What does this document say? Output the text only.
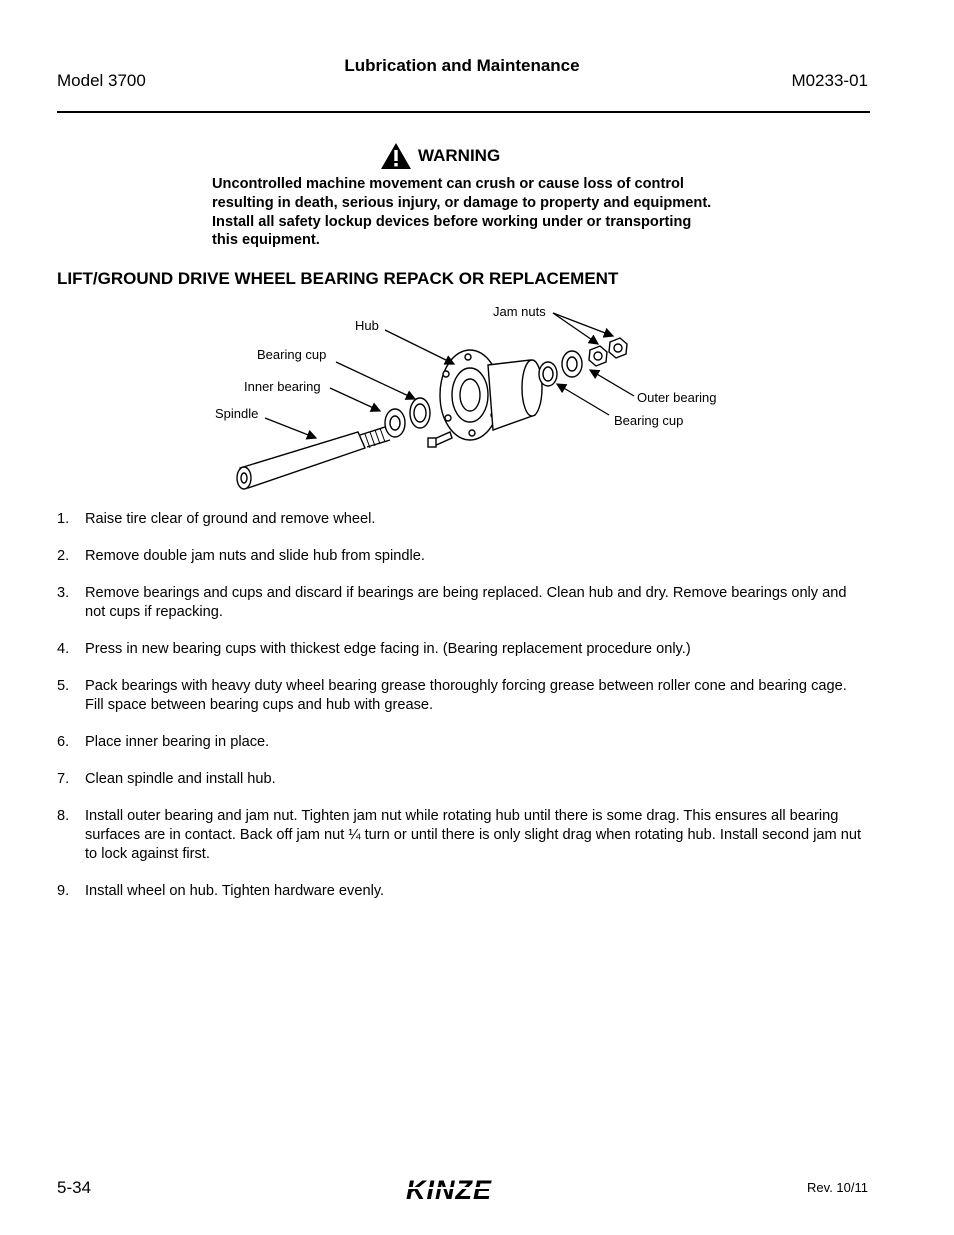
Model 3700
Lubrication and Maintenance
M0233-01
WARNING
Uncontrolled machine movement can crush or cause loss of control
resulting in death, serious injury, or damage to property and equipment.
Install all safety lockup devices before working under or transporting
this equipment.
LIFT/GROUND DRIVE WHEEL BEARING REPACK OR REPLACEMENT
Jam nuts
Hub
Bearing cup
Inner bearing
Spindle
Outer bearing
Bearing cup
1.	Raise tire clear of ground and remove wheel.
2.	Remove double jam nuts and slide hub from spindle.
3.	Remove bearings and cups and discard if bearings are being replaced. Clean hub and dry. Remove bearings only and not cups if repacking.
4.	Press in new bearing cups with thickest edge facing in. (Bearing replacement procedure only.)
5.	Pack bearings with heavy duty wheel bearing grease thoroughly forcing grease between roller cone and bearing cage. Fill space between bearing cups and hub with grease.
6.	Place inner bearing in place.
7.	Clean spindle and install hub.
8.	Install outer bearing and jam nut. Tighten jam nut while rotating hub until there is some drag. This ensures all bearing surfaces are in contact. Back off jam nut ¼ turn or until there is only slight drag when rotating hub. Install second jam nut to lock against first.
9.	Install wheel on hub. Tighten hardware evenly.
5-34	KINZE	Rev. 10/11
